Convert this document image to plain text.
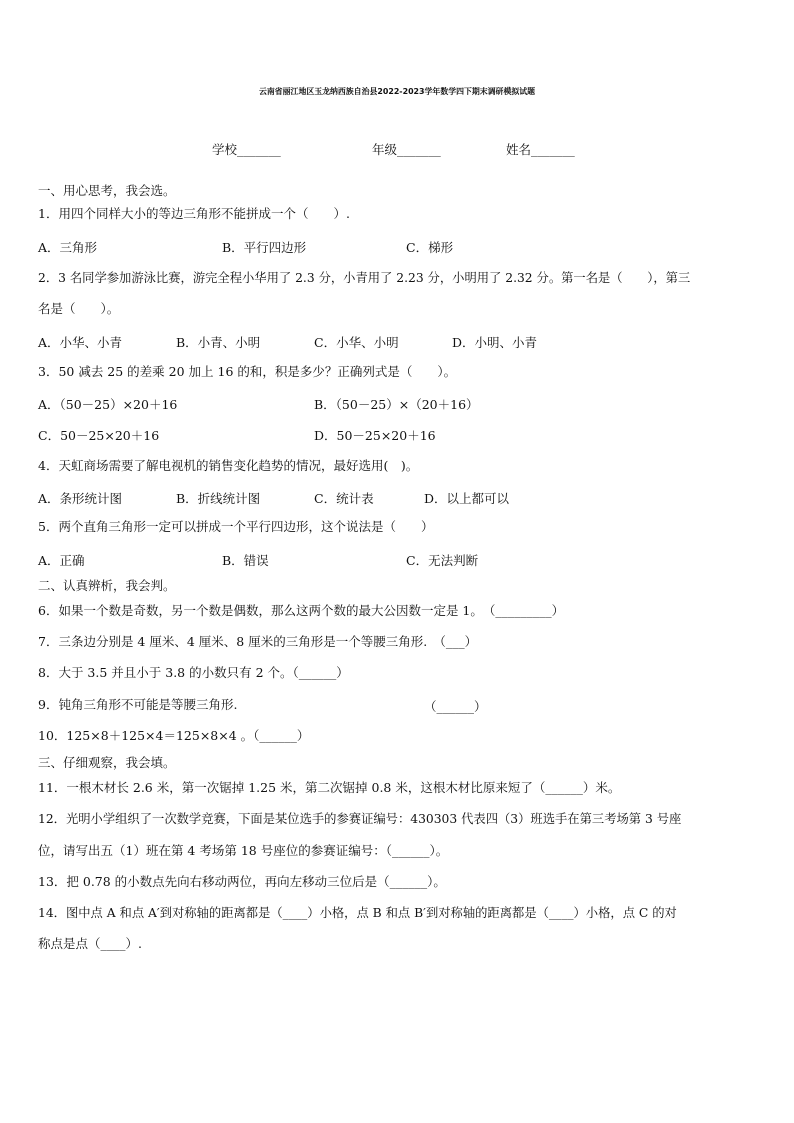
云南省丽江地区玉龙纳西族自治县2022-2023学年数学四下期末调研模拟试题
学校_______	年级_______	姓名_______
一、用心思考，我会选。
1．用四个同样大小的等边三角形不能拼成一个（　　）.
A．三角形	B．平行四边形	C．梯形
2．3 名同学参加游泳比赛，游完全程小华用了 2.3 分，小青用了 2.23 分，小明用了 2.32 分。第一名是（　　），第三
名是（　　）。
A．小华、小青	B．小青、小明	C．小华、小明	D．小明、小青
3．50 减去 25 的差乘 20 加上 16 的和，积是多少？正确列式是（　　）。
A．（50－25）×20＋16	B．（50－25）×（20＋16）
C．50－25×20＋16	D．50－25×20＋16
4．天虹商场需要了解电视机的销售变化趋势的情况，最好选用(　)。
A．条形统计图	B．折线统计图	C．统计表	D．以上都可以
5．两个直角三角形一定可以拼成一个平行四边形，这个说法是（　　）
A．正确	B．错误	C．无法判断
二、认真辨析，我会判。
6．如果一个数是奇数，另一个数是偶数，那么这两个数的最大公因数一定是 1。　（_________）
7．三条边分别是 4 厘米、4 厘米、8 厘米的三角形是一个等腰三角形.　（___）
8．大于 3.5 并且小于 3.8 的小数只有 2 个。（______）
9．钝角三角形不可能是等腰三角形.	（______）
10．125×8＋125×4＝125×8×4 。（______）
三、仔细观察，我会填。
11．一根木材长 2.6 米，第一次锯掉 1.25 米，第二次锯掉 0.8 米，这根木材比原来短了（______）米。
12．光明小学组织了一次数学竞赛，下面是某位选手的参赛证编号：430303 代表四（3）班选手在第三考场第 3 号座
位，请写出五（1）班在第 4 考场第 18 号座位的参赛证编号：（______）。
13．把 0.78 的小数点先向右移动两位，再向左移动三位后是（______）。
14．图中点 A 和点 A′到对称轴的距离都是（____）小格，点 B 和点 B′到对称轴的距离都是（____）小格，点 C 的对
称点是点（____）.
